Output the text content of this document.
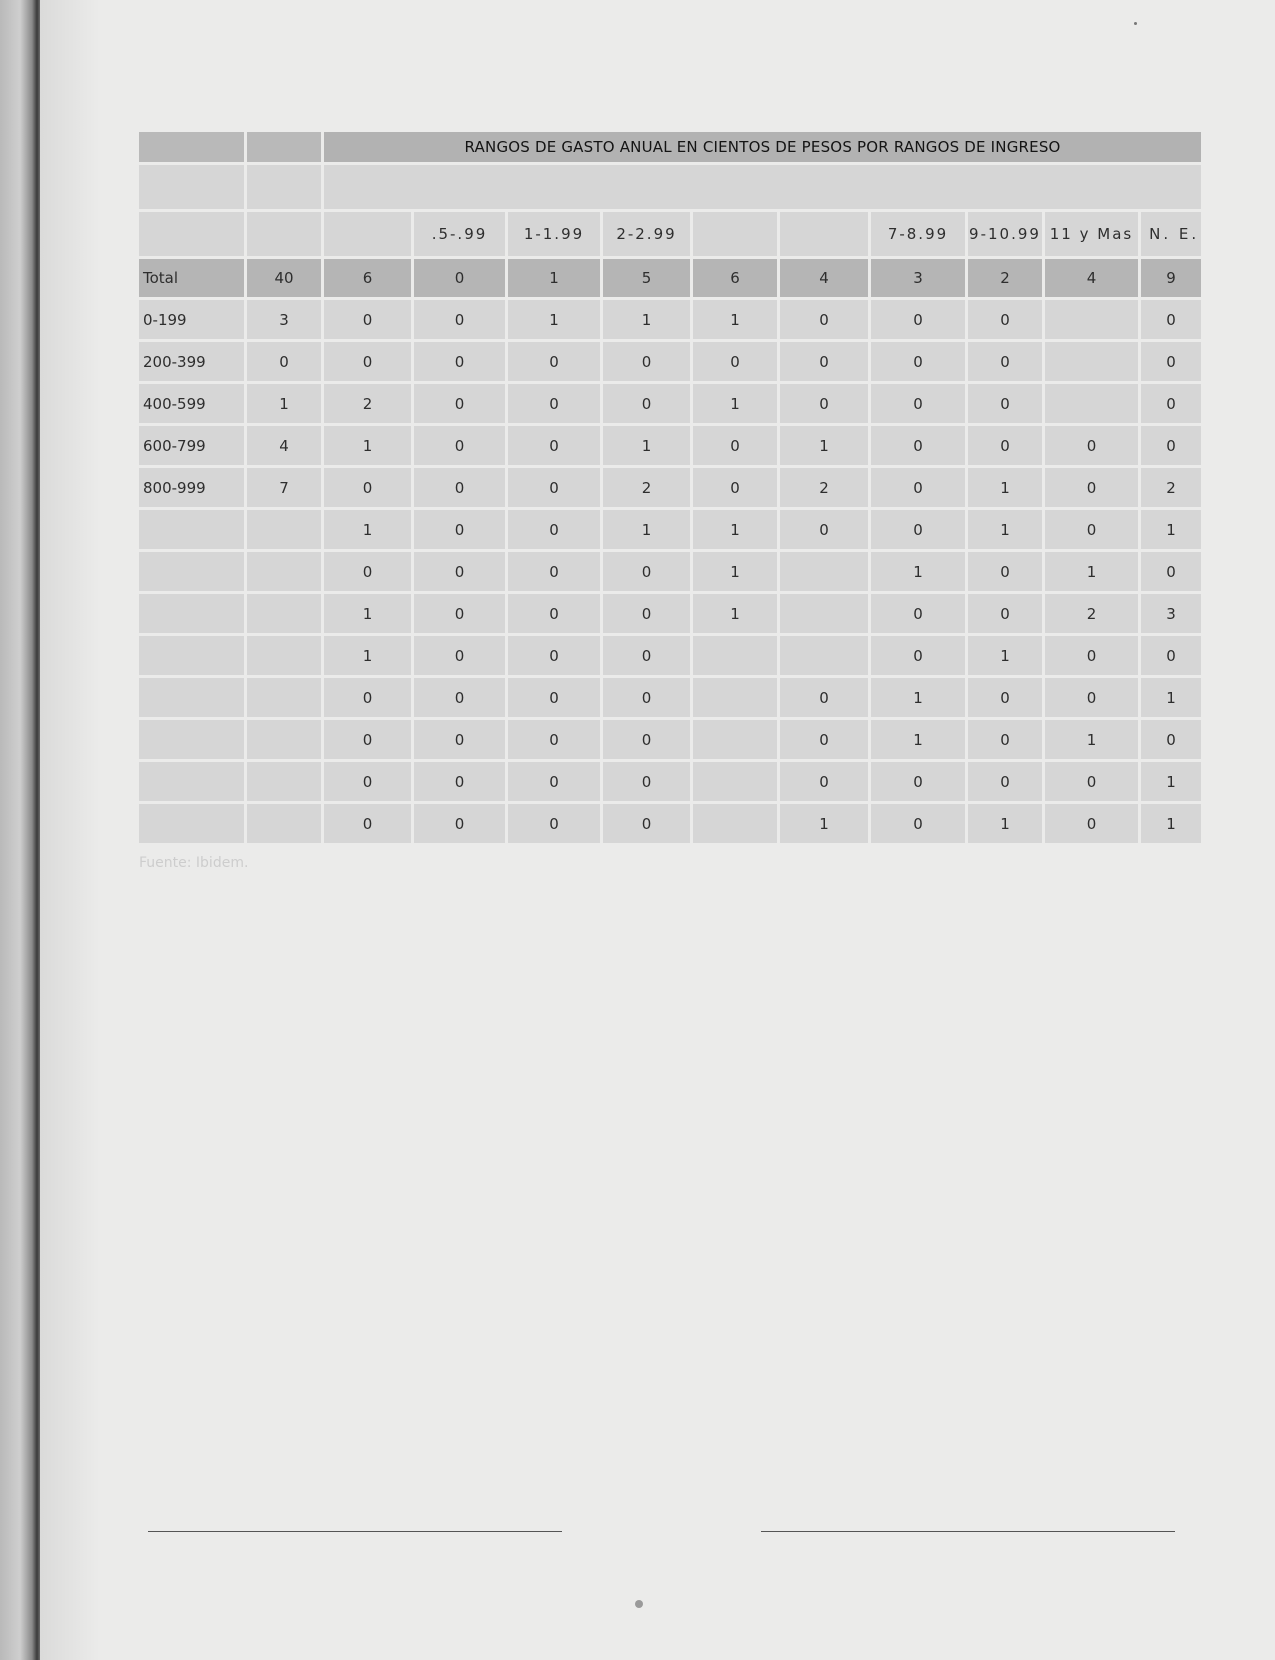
		RANGOS DE GASTO ANUAL EN CIENTOS DE PESOS POR RANGOS DE INGRESO									

			.5-.99	1-1.99	2-2.99			7-8.99	9-10.99	11 y Mas	N. E.
Total	40	6	0	1	5	6	4	3	2	4	9
0-199	3	0	0	1	1	1	0	0	0		0
200-399	0	0	0	0	0	0	0	0	0		0
400-599	1	2	0	0	0	1	0	0	0		0
600-799	4	1	0	0	1	0	1	0	0	0	0
800-999	7	0	0	0	2	0	2	0	1	0	2
		1	0	0	1	1	0	0	1	0	1
		0	0	0	0	1		1	0	1	0
		1	0	0	0	1		0	0	2	3
		1	0	0	0			0	1	0	0
		0	0	0	0		0	1	0	0	1
		0	0	0	0		0	1	0	1	0
		0	0	0	0		0	0	0	0	1
		0	0	0	0		1	0	1	0	1
Fuente: Ibidem.
